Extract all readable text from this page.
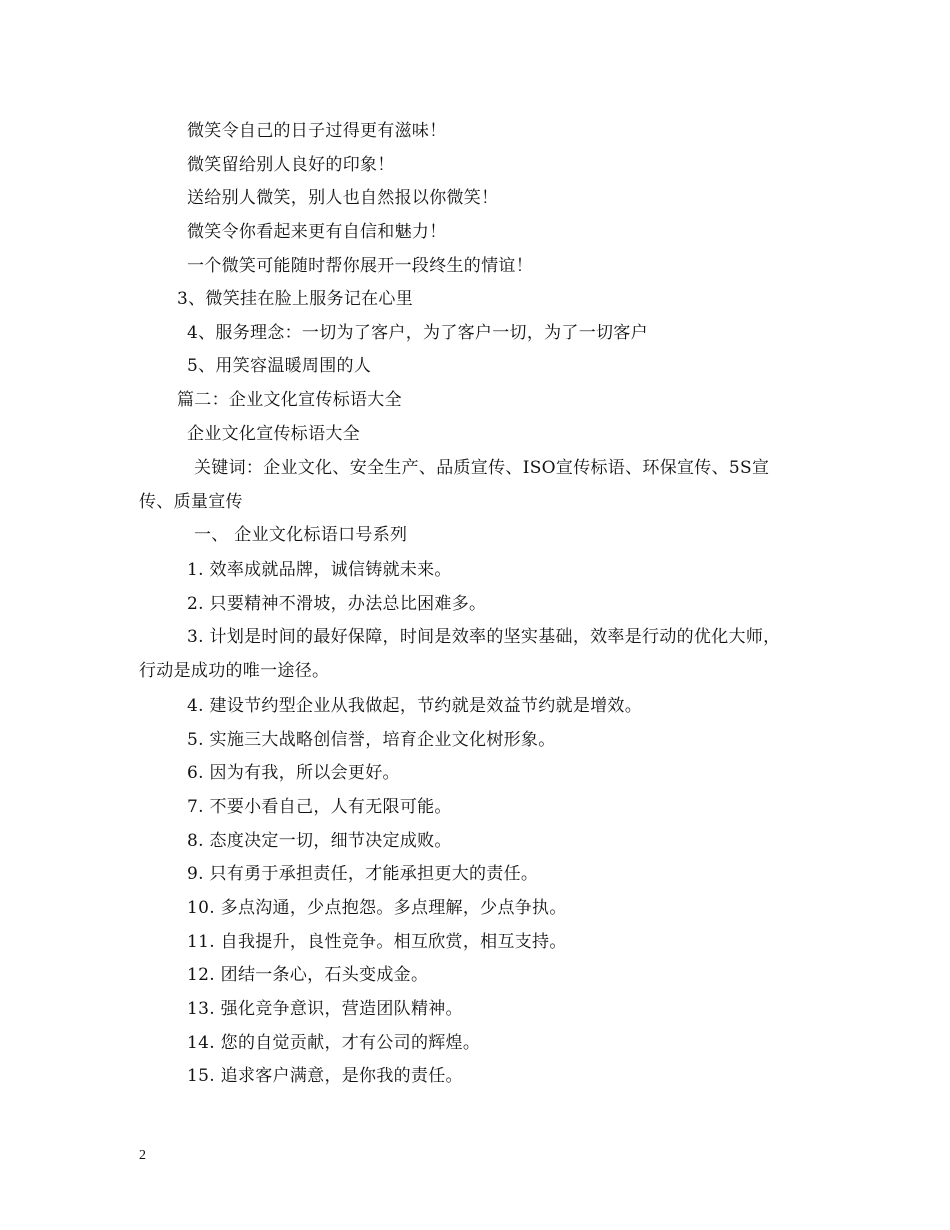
微笑令自己的日子过得更有滋味！
微笑留给别人良好的印象！
送给别人微笑，别人也自然报以你微笑！
微笑令你看起来更有自信和魅力！
一个微笑可能随时帮你展开一段终生的情谊！
3、微笑挂在脸上服务记在心里
4、服务理念：一切为了客户，为了客户一切，为了一切客户
5、用笑容温暖周围的人
篇二：企业文化宣传标语大全
企业文化宣传标语大全
关键词：企业文化、安全生产、品质宣传、ISO宣传标语、环保宣传、5S宣
传、质量宣传
一、 企业文化标语口号系列
1. 效率成就品牌，诚信铸就未来。
2. 只要精神不滑坡，办法总比困难多。
3. 计划是时间的最好保障，时间是效率的坚实基础，效率是行动的优化大师，
行动是成功的唯一途径。
4. 建设节约型企业从我做起，节约就是效益节约就是增效。
5. 实施三大战略创信誉，培育企业文化树形象。
6. 因为有我，所以会更好。
7. 不要小看自己，人有无限可能。
8. 态度决定一切，细节决定成败。
9. 只有勇于承担责任，才能承担更大的责任。
10. 多点沟通，少点抱怨。多点理解，少点争执。
11. 自我提升，良性竞争。相互欣赏，相互支持。
12. 团结一条心，石头变成金。
13. 强化竞争意识，营造团队精神。
14. 您的自觉贡献，才有公司的辉煌。
15. 追求客户满意，是你我的责任。
2
